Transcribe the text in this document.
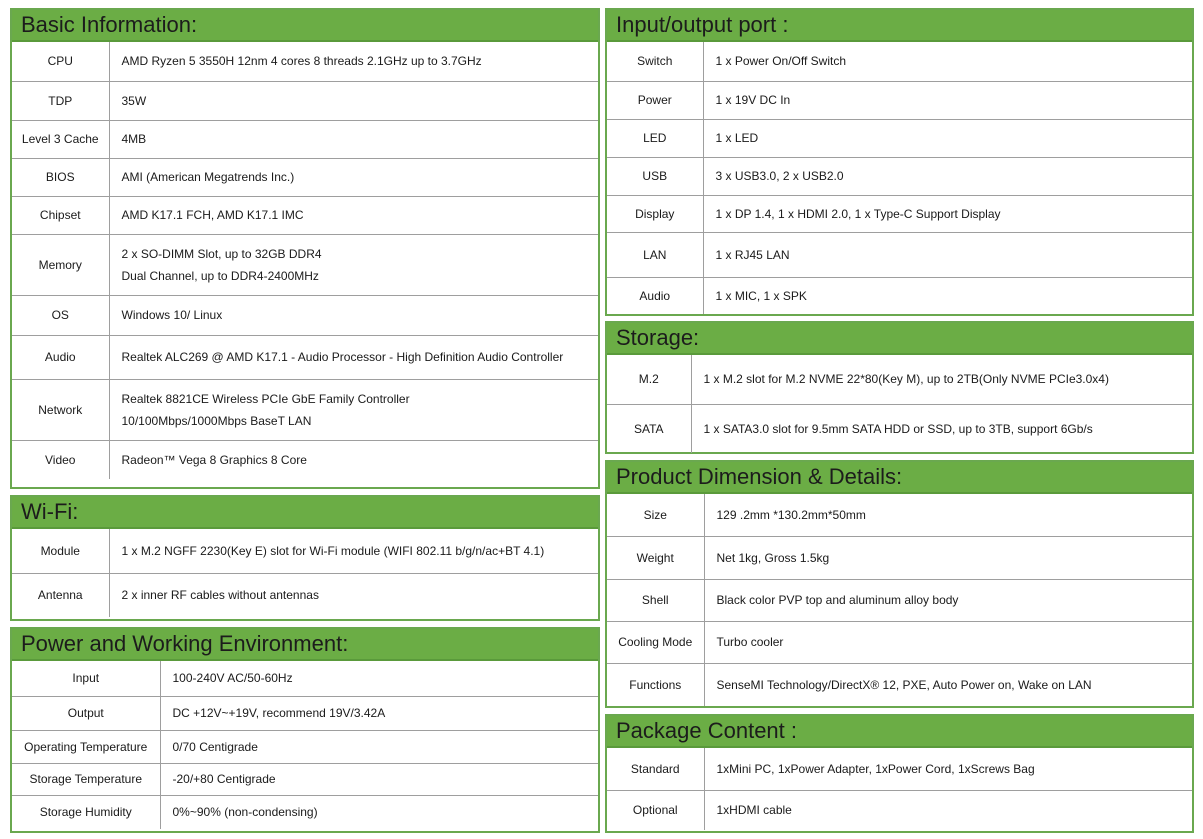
Basic Information:
CPU	AMD Ryzen 5 3550H 12nm 4 cores 8 threads 2.1GHz up to 3.7GHz
TDP	35W
Level 3 Cache	4MB
BIOS	AMI (American Megatrends Inc.)
Chipset	AMD K17.1 FCH, AMD K17.1 IMC
Memory	2 x SO-DIMM Slot, up to 32GB DDR4
Dual Channel, up to DDR4-2400MHz

OS	Windows 10/ Linux
Audio	Realtek ALC269 @ AMD K17.1 - Audio Processor - High Definition Audio Controller
Network	Realtek 8821CE Wireless PCIe GbE Family Controller
10/100Mbps/1000Mbps BaseT LAN

Video	Radeon™ Vega 8 Graphics 8 Core
Wi-Fi:
Module	1 x M.2 NGFF 2230(Key E) slot for Wi-Fi module (WIFI 802.11 b/g/n/ac+BT 4.1)
Antenna	2 x inner RF cables without antennas
Power and Working Environment:
Input	100-240V AC/50-60Hz
Output	DC +12V~+19V, recommend 19V/3.42A
Operating Temperature	0/70 Centigrade
Storage Temperature	-20/+80 Centigrade
Storage Humidity	0%~90% (non-condensing)
Input/output port :
Switch	1 x Power On/Off Switch
Power	1 x 19V DC In
LED	1 x LED
USB	3 x USB3.0, 2 x USB2.0
Display	1 x DP 1.4, 1 x HDMI 2.0, 1 x Type-C Support Display
LAN	1 x RJ45 LAN
Audio	1 x MIC, 1 x SPK
Storage:
M.2	1 x M.2 slot for M.2 NVME 22*80(Key M), up to 2TB(Only NVME PCIe3.0x4)
SATA	1 x SATA3.0 slot for 9.5mm SATA HDD or SSD, up to 3TB, support 6Gb/s
Product Dimension & Details:
Size	129 .2mm *130.2mm*50mm
Weight	Net 1kg, Gross 1.5kg
Shell	Black color PVP top and aluminum alloy body
Cooling Mode	Turbo cooler
Functions	SenseMI Technology/DirectX® 12, PXE, Auto Power on, Wake on LAN
Package Content :
Standard	1xMini PC, 1xPower Adapter, 1xPower Cord, 1xScrews Bag
Optional	1xHDMI cable
